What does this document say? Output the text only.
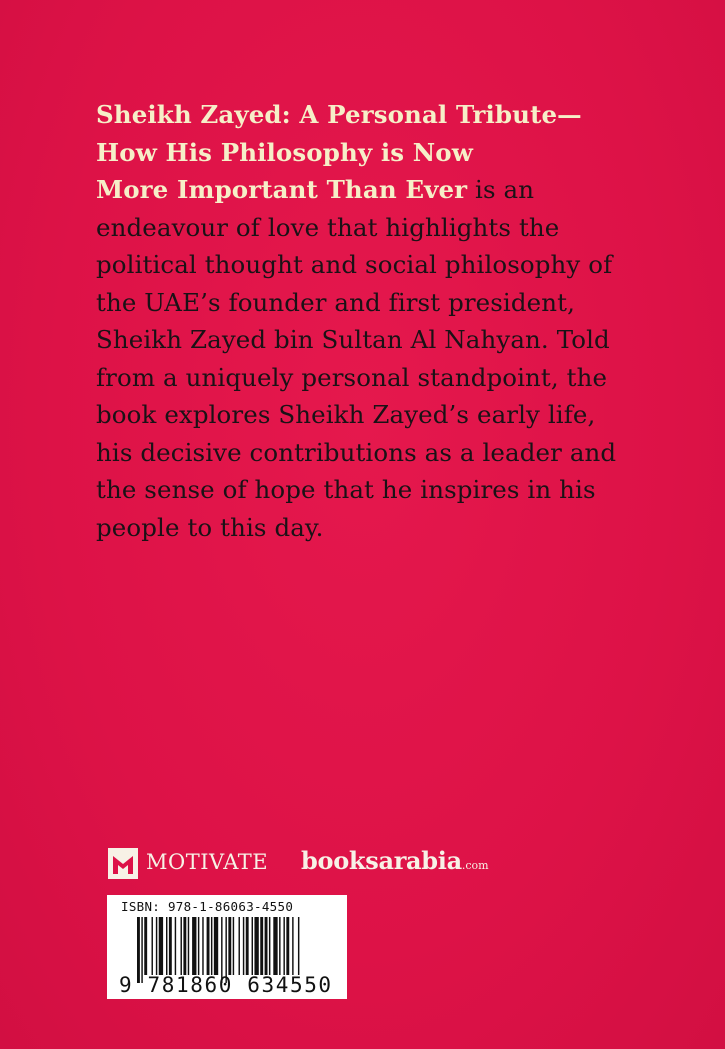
Sheikh Zayed: A Personal Tribute—
How His Philosophy is Now
More Important Than Ever is an endeavour of love that highlights the political thought and social philosophy of the UAE’s founder and first president, Sheikh Zayed bin Sultan Al Nahyan. Told from a uniquely personal standpoint, the book explores Sheikh Zayed’s early life, his decisive contributions as a leader and the sense of hope that he inspires in his people to this day.
MOTIVATE booksarabia.com
ISBN: 978-1-86063-4550
9 781860 634550
